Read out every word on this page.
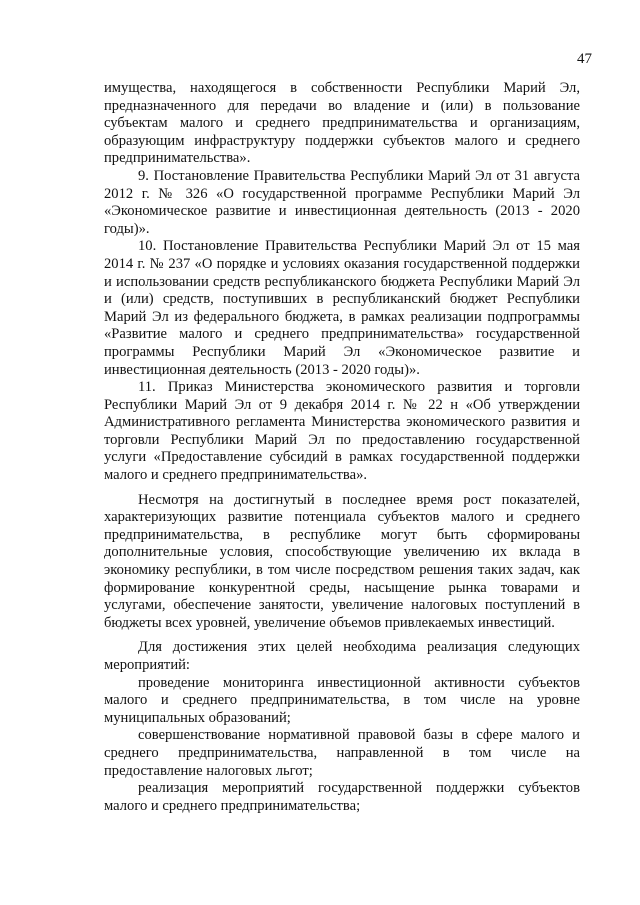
47

имущества, находящегося в собственности Республики Марий Эл, предназначенного для передачи во владение и (или) в пользование субъектам малого и среднего предпринимательства и организациям, образующим инфраструктуру поддержки субъектов малого и среднего предпринимательства».

9. Постановление Правительства Республики Марий Эл от 31 августа 2012 г. № 326 «О государственной программе Республики Марий Эл «Экономическое развитие и инвестиционная деятельность (2013 - 2020 годы)».

10. Постановление Правительства Республики Марий Эл от 15 мая 2014 г. № 237 «О порядке и условиях оказания государственной поддержки и использовании средств республиканского бюджета Республики Марий Эл и (или) средств, поступивших в республиканский бюджет Республики Марий Эл из федерального бюджета, в рамках реализации подпрограммы «Развитие малого и среднего предпринимательства» государственной программы Республики Марий Эл «Экономическое развитие и инвестиционная деятельность (2013 - 2020 годы)».

11. Приказ Министерства экономического развития и торговли Республики Марий Эл от 9 декабря 2014 г. № 22 н «Об утверждении Административного регламента Министерства экономического развития и торговли Республики Марий Эл по предоставлению государственной услуги «Предоставление субсидий в рамках государственной поддержки малого и среднего предпринимательства».

Несмотря на достигнутый в последнее время рост показателей, характеризующих развитие потенциала субъектов малого и среднего предпринимательства, в республике могут быть сформированы дополнительные условия, способствующие увеличению их вклада в экономику республики, в том числе посредством решения таких задач, как формирование конкурентной среды, насыщение рынка товарами и услугами, обеспечение занятости, увеличение налоговых поступлений в бюджеты всех уровней, увеличение объемов привлекаемых инвестиций.

Для достижения этих целей необходима реализация следующих мероприятий:

проведение мониторинга инвестиционной активности субъектов малого и среднего предпринимательства, в том числе на уровне муниципальных образований;

совершенствование нормативной правовой базы в сфере малого и среднего предпринимательства, направленной в том числе на предоставление налоговых льгот;

реализация мероприятий государственной поддержки субъектов малого и среднего предпринимательства;
